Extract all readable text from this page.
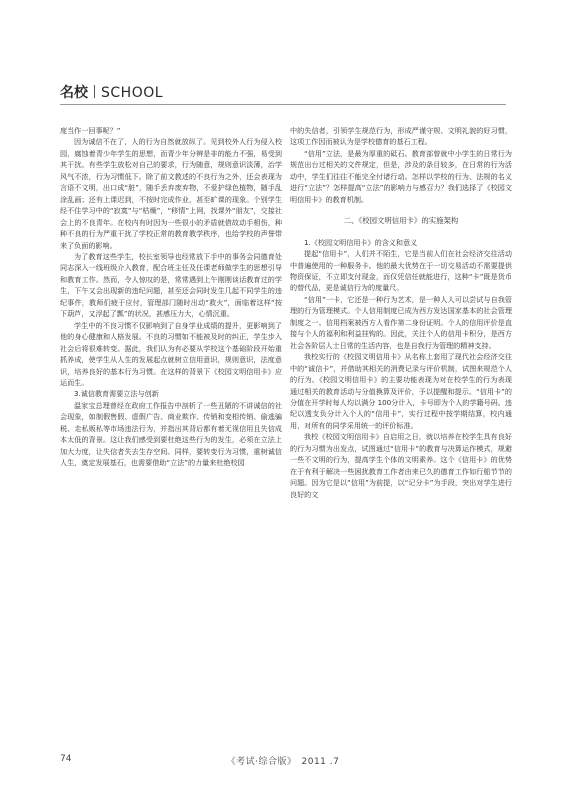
名校 SCHOOL

度当作一回事呢？”

因为诚信不在了，人的行为自然就放纵了。见到校外人行为侵入校园，腐蚀着青少年学生的思想，而青少年分辨是非的能力不强，易受到其干扰。有些学生放松对自己的要求，行为随意，规则意识淡薄，治学风气不浓，行为习惯低下。除了前文教述的不良行为之外，还会表现为言语不文明，出口成“脏”，随手丢弃废弃物，不爱护绿色植物，随手乱涂乱画；还有上课迟到，不按时完成作业，甚至旷课的现象。个别学生经不住学习中的“寂寞”与“枯燥”，“移情”上网，找课外“朋友”，交接社会上的不良青年。在校内有时因为一些很小的矛盾就借故动手相伤，种种不良的行为严重干扰了学校正常的教育教学秩序，也给学校的声誉带来了负面的影响。

为了教育这些学生，校长室领导也经常放下手中的事务会同德育处同志深入一线班级介入教育，配合班主任及任课老师做学生的思想引导和教育工作。然而，令人惊叹的是，常常遇到上午刚刚谈话教育过的学生，下午又会出现新的违纪问题，甚至还会同时发生几起不同学生的违纪事件，教师们疲于应付，管理部门随时出动“救火”，面临着这样“按下葫芦，又浮起了瓢”的状况，甚感压力大，心情沉重。

学生中的不良习惯不仅影响到了自身学业成绩的提升，更影响到了他的身心健康和人格发展。不良的习惯如不能被及时的纠正，学生步入社会后将很难转变。据此，我们认为有必要从学校这个基础阶段开始重抓养成，使学生从人生的发展起点就树立信用意识，规则意识，法度意识，培养良好的基本行为习惯。在这样的背景下《校园文明信用卡》应运而生。

3.诚信教育需要立法与创新

温家宝总理曾经在政府工作报告中剖析了一些丑陋的不讲诚信的社会现象，如制假售假、虚假广告、商业欺诈、传销和变相传销、偷逃骗税、走私贩私等市场违法行为，并指出其背后都有着无视信用且失信成本太低的背景。这让我们感受到要杜绝这些行为的发生，必须在立法上加大力度，让失信者失去生存空间。同样，要转变行为习惯，重树诚信人生，奠定发展基石，也需要借助“立法”的力量来杜绝校园

中的失信者，引领学生规范行为，形成严谨守规、文明礼貌的好习惯，这项工作因而被认为是学校德育的基石工程。

“信用”立法，是最为厚重的砥石。教育部曾就中小学生的日常行为规范出台过相关的文件规定，但是，涉及的条目较多，在日常的行为活动中，学生们往往不能完全付诸行动。怎样以学校的行为、法规的名义进行“立法”？怎样提高“立法”的影响力与感召力？我们选择了《校园文明信用卡》的教育机制。

二、《校园文明信用卡》的实施架构

1.《校园文明信用卡》的含义和意义

提起“信用卡”，人们并不陌生，它是当前人们在社会经济交往活动中普遍使用的一种服务卡。他的最大优势在于一切交易活动不需要提供物资保证，不立即支付现金，而仅凭信任就能进行，这种“卡”既是货币的替代品，更是诚信行为的度量尺。

“信用”一卡，它还是一种行为艺术，是一种人人可以尝试与自我管理的行为管理模式。个人信用制度已成为西方发达国家基本的社会管理制度之一。信用档案被西方人看作第二身份证明。个人的信用评价是直接与个人的福利和利益挂钩的。因此，关注个人的信用卡积分，是西方社会各阶层人士日常的生活内容，也是自我行为管理的精神支持。

我校实行的《校园文明信用卡》从名称上套用了现代社会经济交往中的“诚信卡”，并借助其相关的消费记录与评价机制，试图来规范个人的行为。《校园文明信用卡》的主要功能表现为对在校学生的行为表现通过相关的教育活动与分值換算及评价，予以提醒和提示。“信用卡”的分值在开学时每人均以满分 100分计入，卡号即为个人的学籍号码。违纪以透支负分计入个人的“信用卡”，实行过程中按学期结算，校内通用，对所有的同学采用统一的评价标准。

我校《校园文明信用卡》自启用之日，就以培养在校学生具有良好的行为习惯为出发点，试图通过“信用卡”的教育与决算运作模式，规避一些不文明的行为，提高学生个体的文明素养。这个《信用卡》的优势在于有利于解决一些困扰教育工作者由来已久的德育工作如行船节节的问题。因为它是以“信用”为前提，以“记分卡”为手段，突出对学生进行良好的文

74	《考试·综合版》　2011 .7
